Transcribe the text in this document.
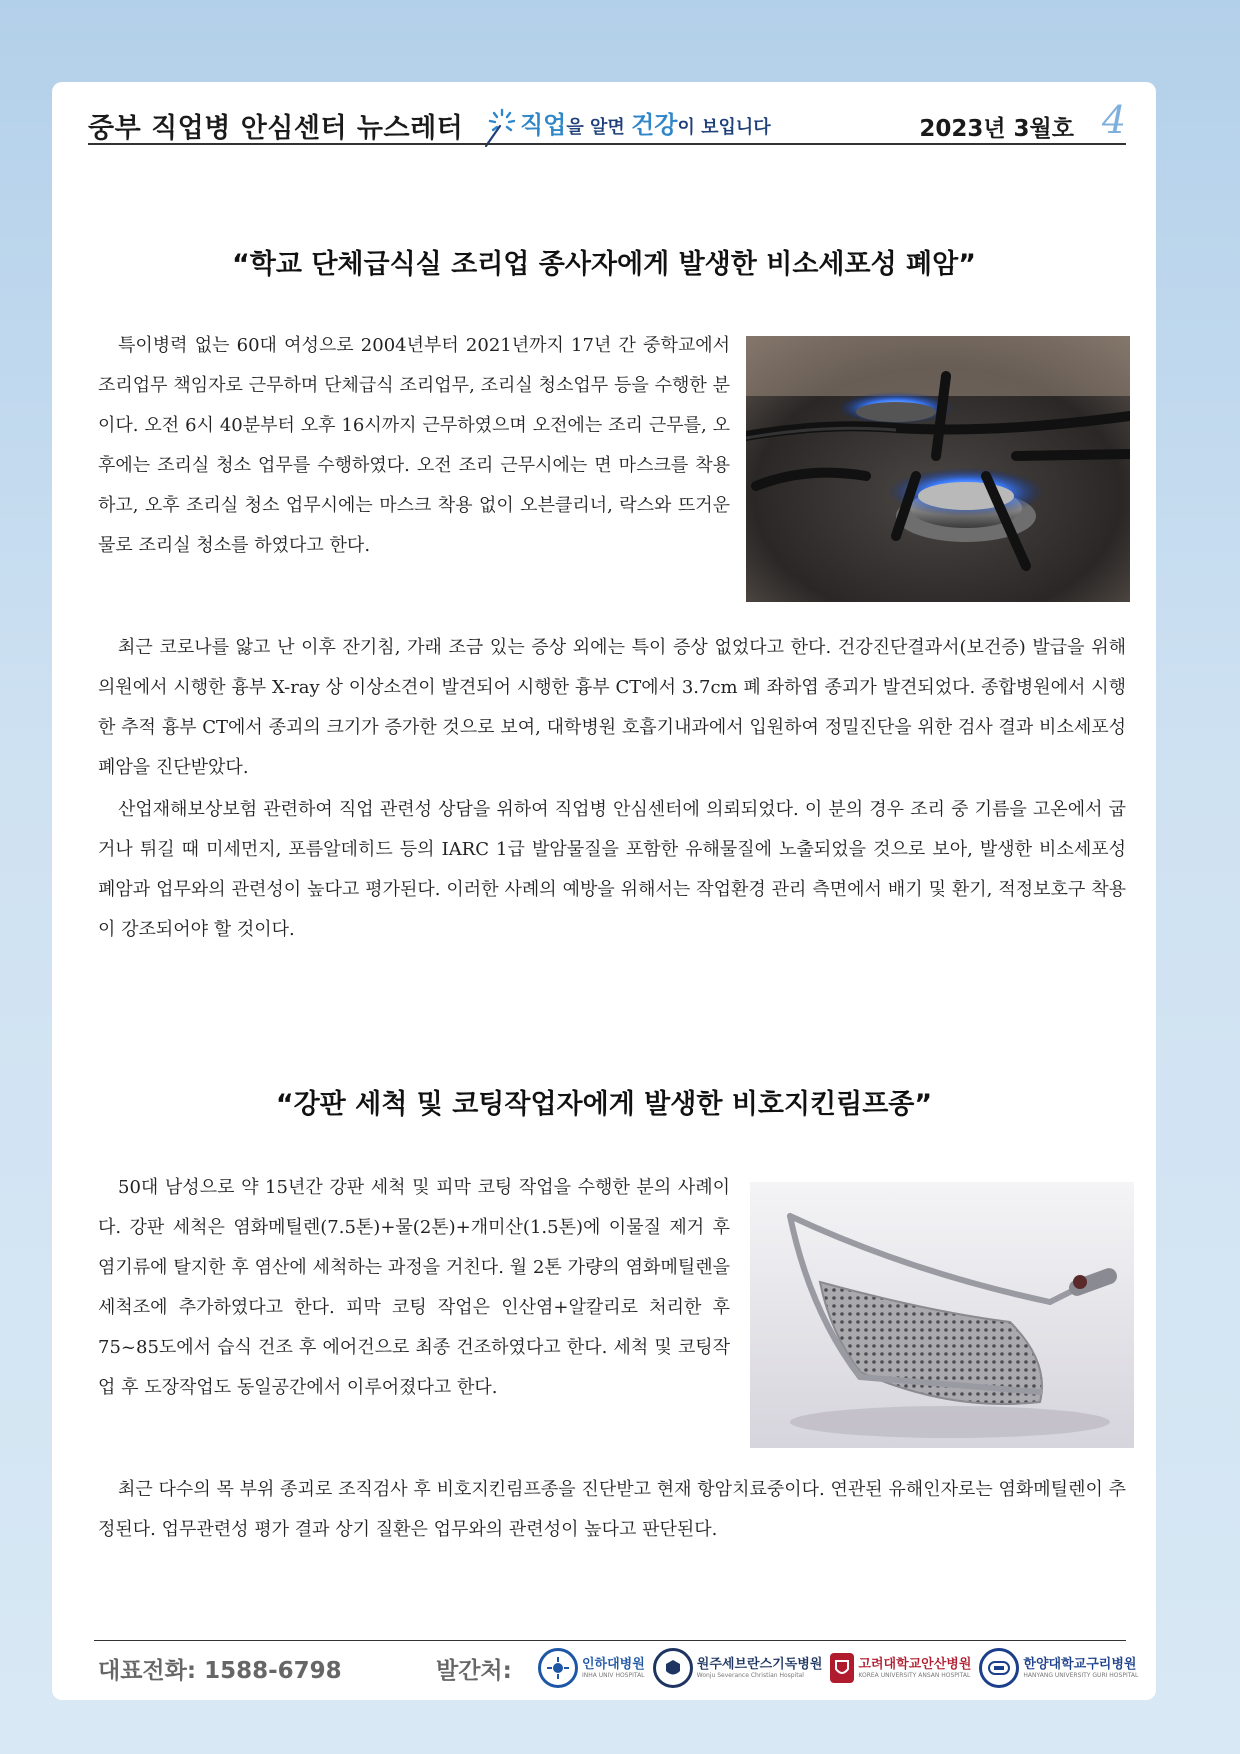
중부 직업병 안심센터 뉴스레터 직업을 알면 건강이 보입니다	2023년 3월호 4
“학교 단체급식실 조리업 종사자에게 발생한 비소세포성 폐암”

특이병력 없는 60대 여성으로 2004년부터 2021년까지 17년 간 중학교에서 조리업무 책임자로 근무하며 단체급식 조리업무, 조리실 청소업무 등을 수행한 분이다. 오전 6시 40분부터 오후 16시까지 근무하였으며 오전에는 조리 근무를, 오후에는 조리실 청소 업무를 수행하였다. 오전 조리 근무시에는 면 마스크를 착용하고, 오후 조리실 청소 업무시에는 마스크 착용 없이 오븐클리너, 락스와 뜨거운 물로 조리실 청소를 하였다고 한다.

최근 코로나를 앓고 난 이후 잔기침, 가래 조금 있는 증상 외에는 특이 증상 없었다고 한다. 건강진단결과서(보건증) 발급을 위해 의원에서 시행한 흉부 X-ray 상 이상소견이 발견되어 시행한 흉부 CT에서 3.7cm 폐 좌하엽 종괴가 발견되었다. 종합병원에서 시행한 추적 흉부 CT에서 종괴의 크기가 증가한 것으로 보여, 대학병원 호흡기내과에서 입원하여 정밀진단을 위한 검사 결과 비소세포성 폐암을 진단받았다.

산업재해보상보험 관련하여 직업 관련성 상담을 위하여 직업병 안심센터에 의뢰되었다. 이 분의 경우 조리 중 기름을 고온에서 굽거나 튀길 때 미세먼지, 포름알데히드 등의 IARC 1급 발암물질을 포함한 유해물질에 노출되었을 것으로 보아, 발생한 비소세포성 폐암과 업무와의 관련성이 높다고 평가된다. 이러한 사례의 예방을 위해서는 작업환경 관리 측면에서 배기 및 환기, 적정보호구 착용이 강조되어야 할 것이다.

“강판 세척 및 코팅작업자에게 발생한 비호지킨림프종”

50대 남성으로 약 15년간 강판 세척 및 피막 코팅 작업을 수행한 분의 사례이다. 강판 세척은 염화메틸렌(7.5톤)+물(2톤)+개미산(1.5톤)에 이물질 제거 후 염기류에 탈지한 후 염산에 세척하는 과정을 거친다. 월 2톤 가량의 염화메틸렌을 세척조에 추가하였다고 한다. 피막 코팅 작업은 인산염+알칼리로 처리한 후 75~85도에서 습식 건조 후 에어건으로 최종 건조하였다고 한다. 세척 및 코팅작업 후 도장작업도 동일공간에서 이루어졌다고 한다.

최근 다수의 목 부위 종괴로 조직검사 후 비호지킨림프종을 진단받고 현재 항암치료중이다. 연관된 유해인자로는 염화메틸렌이 추정된다. 업무관련성 평가 결과 상기 질환은 업무와의 관련성이 높다고 판단된다.

대표전화: 1588-6798	발간처:	인하대병원
INHA UNIV HOSPITAL
원주세브란스기독병원
Wonju Severance Christian Hospital
고려대학교안산병원
KOREA UNIVERSITY ANSAN HOSPITAL
한양대학교구리병원
HANYANG UNIVERSITY GURI HOSPITAL
